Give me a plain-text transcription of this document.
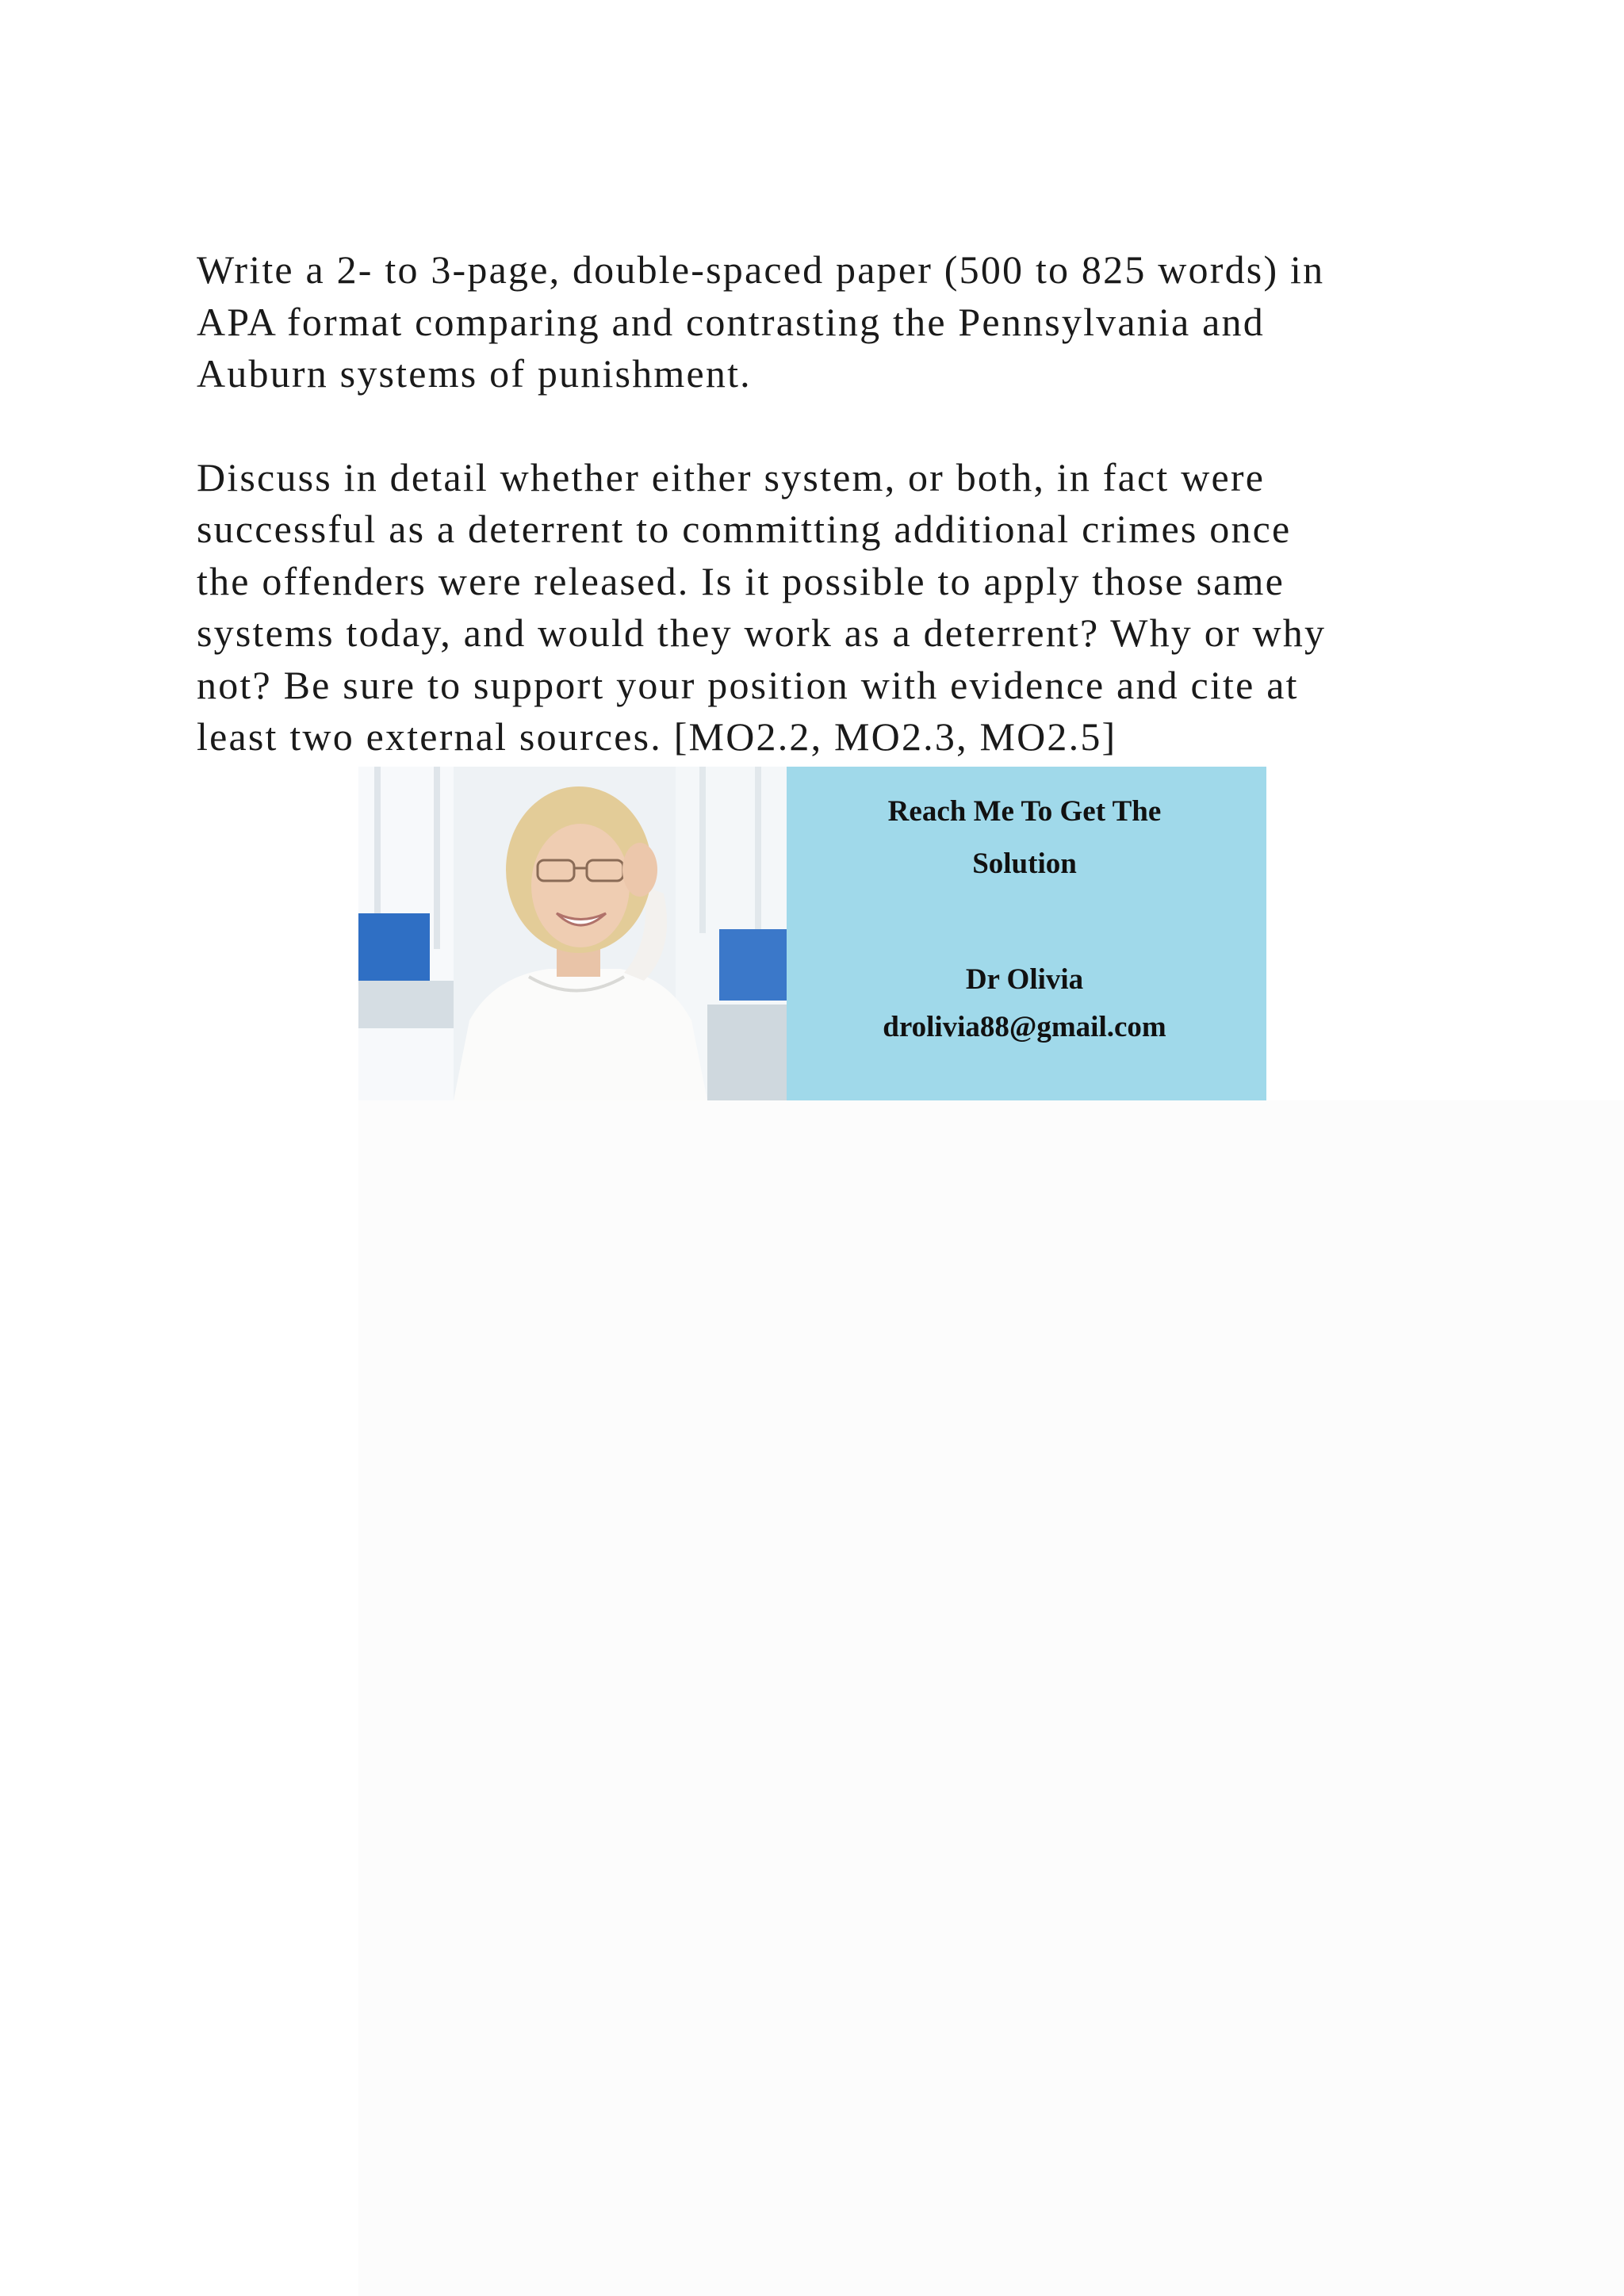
Write a 2- to 3-page, double-spaced paper (500 to 825 words) in
APA format comparing and contrasting the Pennsylvania and
Auburn systems of punishment.

Discuss in detail whether either system, or both, in fact were
successful as a deterrent to committing additional crimes once
the offenders were released. Is it possible to apply those same
systems today, and would they work as a deterrent? Why or why
not? Be sure to support your position with evidence and cite at
least two external sources. [MO2.2, MO2.3, MO2.5]

Reach Me To Get The
Solution
Dr Olivia
drolivia88@gmail.com
